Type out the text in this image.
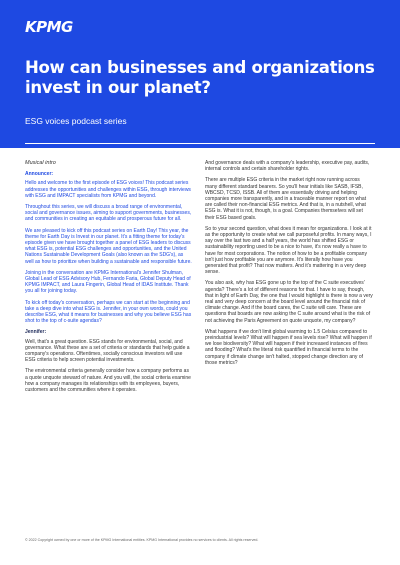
KPMG
How can businesses and organizations invest in our planet?
ESG voices podcast series

Musical intro

Announcer:

Hello and welcome to the first episode of ESG voices! This podcast series addresses the opportunities and challenges within ESG, through interviews with ESG and IMPACT specialists from KPMG and beyond.

Throughout this series, we will discuss a broad range of environmental, social and governance issues, aiming to support governments, businesses, and communities in creating an equitable and prosperous future for all.

We are pleased to kick off this podcast series on Earth Day! This year, the theme for Earth Day is Invest in our planet. It's a fitting theme for today's episode given we have brought together a panel of ESG leaders to discuss what ESG is, potential ESG challenges and opportunities, and the United Nations Sustainable Development Goals (also known as the SDG's), as well as how to prioritize when building a sustainable and responsible future.

Joining in the conversation are KPMG International's Jennifer Shulman, Global Lead of ESG Advisory Hub, Fernando Faria, Global Deputy Head of KPMG IMPACT, and Laura Fingerin, Global Head of IDAS Institute. Thank you all for joining today.

To kick off today's conversation, perhaps we can start at the beginning and take a deep dive into what ESG is. Jennifer, in your own words, could you describe ESG, what it means for businesses and why you believe ESG has shot to the top of c-suite agendas?

Jennifer:

Well, that's a great question. ESG stands for environmental, social, and governance. What these are a set of criteria or standards that help guide a company's operations. Oftentimes, socially conscious investors will use ESG criteria to help screen potential investments.

The environmental criteria generally consider how a company performs as a quote unquote steward of nature. And you will, the social criteria examine how a company manages its relationships with its employees, buyers, customers and the communities where it operates.

And governance deals with a company's leadership, executive pay, audits, internal controls and certain shareholder rights.

There are multiple ESG criteria in the market right now running across many different standard bearers. So you'll hear initials like SASB, IFSB, WBCSD, TCSD, ISSB. All of them are essentially driving and helping companies more transparently, and in a traceable manner report on what are called their non-financial ESG metrics. And that is, in a nutshell, what ESG is. What it is not, though, is a goal. Companies themselves will set their ESG based goals.

So to your second question, what does it mean for organizations. I look at it as the opportunity to create what we call purposeful profits. In many ways, I say over the last two and a half years, the world has shifted ESG or sustainability reporting used to be a nice to have, it's now really a have to have for most corporations. The notion of how to be a profitable company isn't just how profitable you are anymore. It's literally how have you generated that profit? That now matters. And it's mattering in a very deep sense.

You also ask, why has ESG gone up to the top of the C suite executives' agenda? There's a lot of different reasons for that. I have to say, though, that in light of Earth Day, the one that I would highlight is there is now a very real and very deep concern at the board level around the financial risk of climate change. And if the board cares, the C suite will care. These are questions that boards are now asking the C suite around what is the risk of not achieving the Paris Agreement on quote unquote, my company?

What happens if we don't limit global warming to 1.5 Celsius compared to preindustrial levels? What will happen if sea levels rise? What will happen if we lose biodiversity? What will happen if their increased instances of fires and flooding? What's the literal risk quantified in financial terms to the company if climate change isn't halted, stopped change direction any of those metrics?

© 2022 Copyright owned by one or more of the KPMG International entities. KPMG International provides no services to clients. All rights reserved.
